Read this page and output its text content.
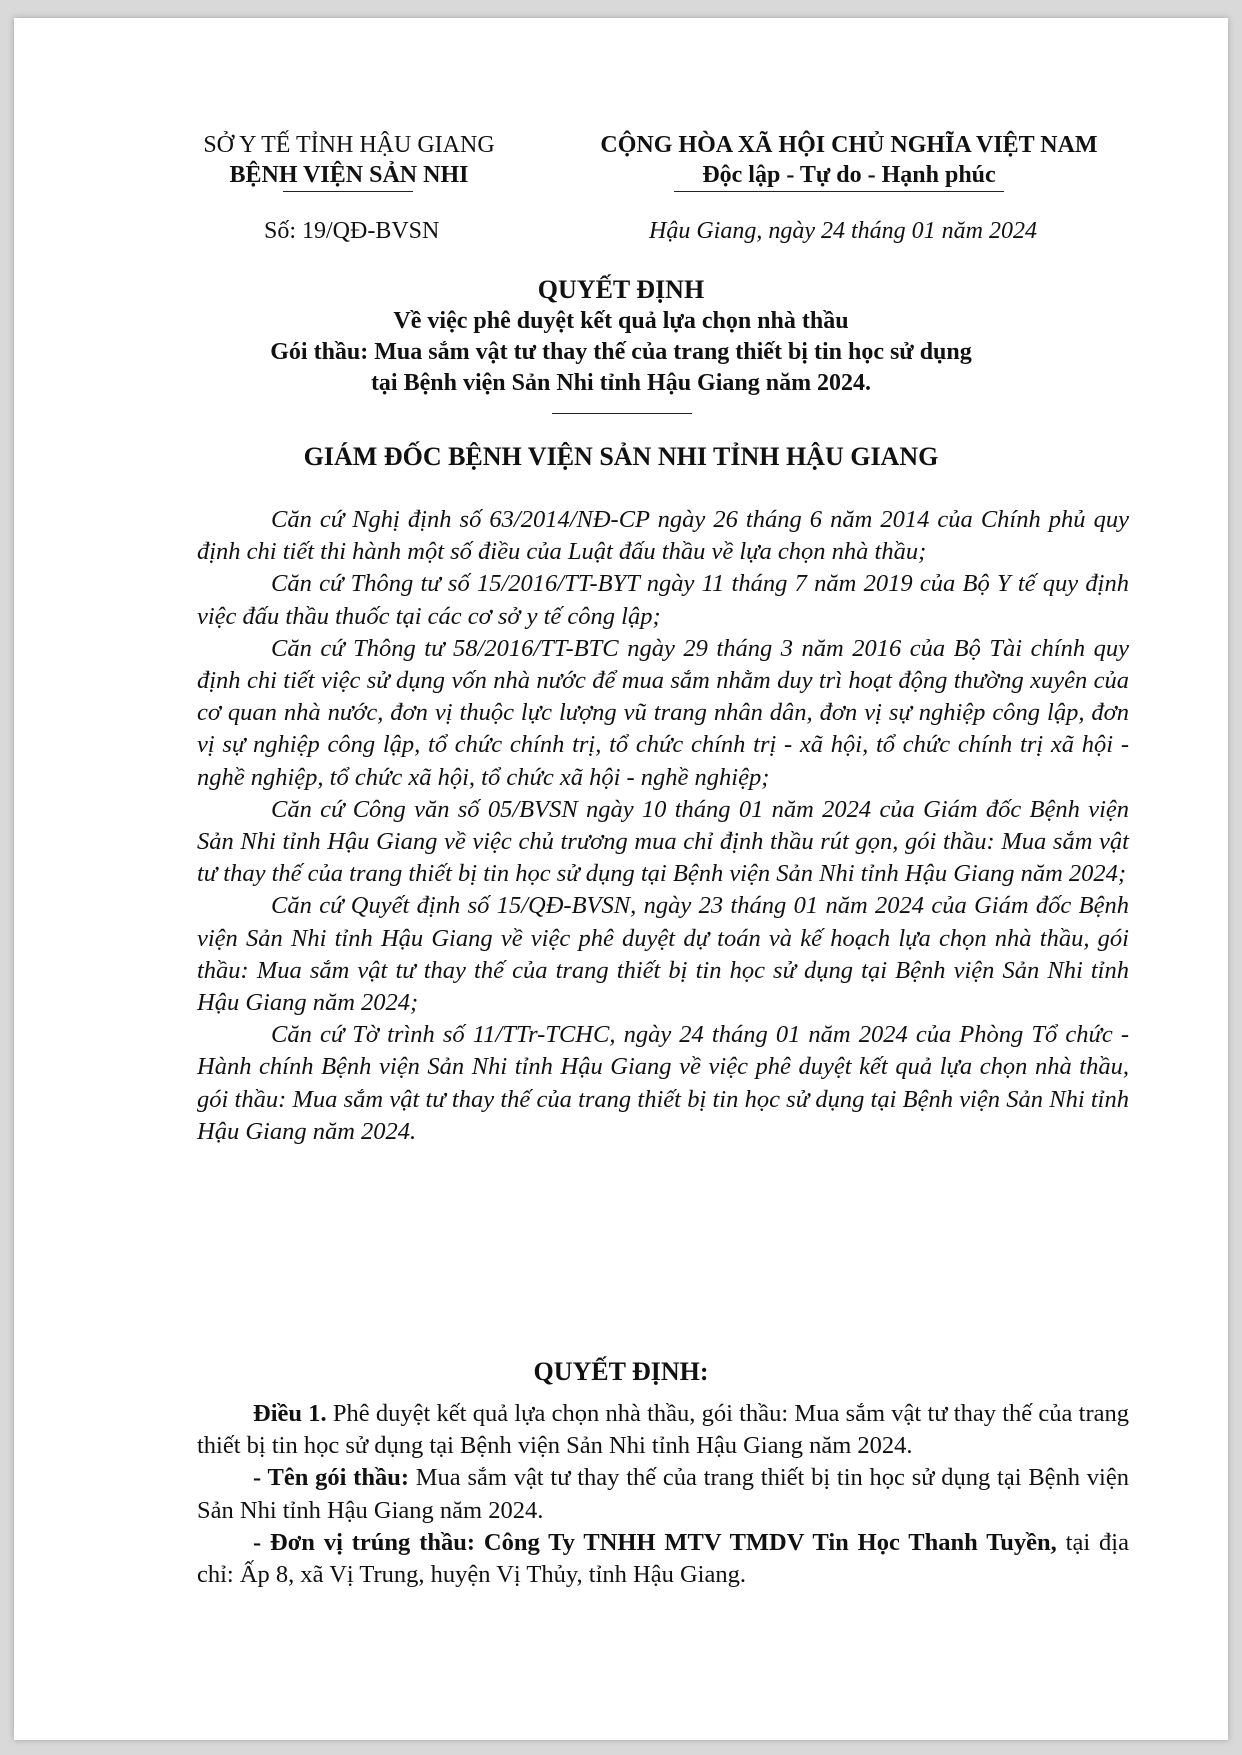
SỞ Y TẾ TỈNH HẬU GIANG
BỆNH VIỆN SẢN NHI
CỘNG HÒA XÃ HỘI CHỦ NGHĨA VIỆT NAM
Độc lập - Tự do - Hạnh phúc
Số: 19/QĐ-BVSN	Hậu Giang, ngày 24 tháng 01 năm 2024
QUYẾT ĐỊNH
Về việc phê duyệt kết quả lựa chọn nhà thầu
Gói thầu: Mua sắm vật tư thay thế của trang thiết bị tin học sử dụng
tại Bệnh viện Sản Nhi tỉnh Hậu Giang năm 2024.
GIÁM ĐỐC BỆNH VIỆN SẢN NHI TỈNH HẬU GIANG

Căn cứ Nghị định số 63/2014/NĐ-CP ngày 26 tháng 6 năm 2014 của Chính phủ quy định chi tiết thi hành một số điều của Luật đấu thầu về lựa chọn nhà thầu;

Căn cứ Thông tư số 15/2016/TT-BYT ngày 11 tháng 7 năm 2019 của Bộ Y tế quy định việc đấu thầu thuốc tại các cơ sở y tế công lập;

Căn cứ Thông tư 58/2016/TT-BTC ngày 29 tháng 3 năm 2016 của Bộ Tài chính quy định chi tiết việc sử dụng vốn nhà nước để mua sắm nhằm duy trì hoạt động thường xuyên của cơ quan nhà nước, đơn vị thuộc lực lượng vũ trang nhân dân, đơn vị sự nghiệp công lập, đơn vị sự nghiệp công lập, tổ chức chính trị, tổ chức chính trị - xã hội, tổ chức chính trị xã hội - nghề nghiệp, tổ chức xã hội, tổ chức xã hội - nghề nghiệp;

Căn cứ Công văn số 05/BVSN ngày 10 tháng 01 năm 2024 của Giám đốc Bệnh viện Sản Nhi tỉnh Hậu Giang về việc chủ trương mua chỉ định thầu rút gọn, gói thầu: Mua sắm vật tư thay thế của trang thiết bị tin học sử dụng tại Bệnh viện Sản Nhi tỉnh Hậu Giang năm 2024;

Căn cứ Quyết định số 15/QĐ-BVSN, ngày 23 tháng 01 năm 2024 của Giám đốc Bệnh viện Sản Nhi tỉnh Hậu Giang về việc phê duyệt dự toán và kế hoạch lựa chọn nhà thầu, gói thầu: Mua sắm vật tư thay thế của trang thiết bị tin học sử dụng tại Bệnh viện Sản Nhi tỉnh Hậu Giang năm 2024;

Căn cứ Tờ trình số 11/TTr-TCHC, ngày 24 tháng 01 năm 2024 của Phòng Tổ chức - Hành chính Bệnh viện Sản Nhi tỉnh Hậu Giang về việc phê duyệt kết quả lựa chọn nhà thầu, gói thầu: Mua sắm vật tư thay thế của trang thiết bị tin học sử dụng tại Bệnh viện Sản Nhi tỉnh Hậu Giang năm 2024.

QUYẾT ĐỊNH:

Điều 1. Phê duyệt kết quả lựa chọn nhà thầu, gói thầu: Mua sắm vật tư thay thế của trang thiết bị tin học sử dụng tại Bệnh viện Sản Nhi tỉnh Hậu Giang năm 2024.

- Tên gói thầu: Mua sắm vật tư thay thế của trang thiết bị tin học sử dụng tại Bệnh viện Sản Nhi tỉnh Hậu Giang năm 2024.

- Đơn vị trúng thầu: Công Ty TNHH MTV TMDV Tin Học Thanh Tuyền, tại địa chỉ: Ấp 8, xã Vị Trung, huyện Vị Thủy, tỉnh Hậu Giang.
